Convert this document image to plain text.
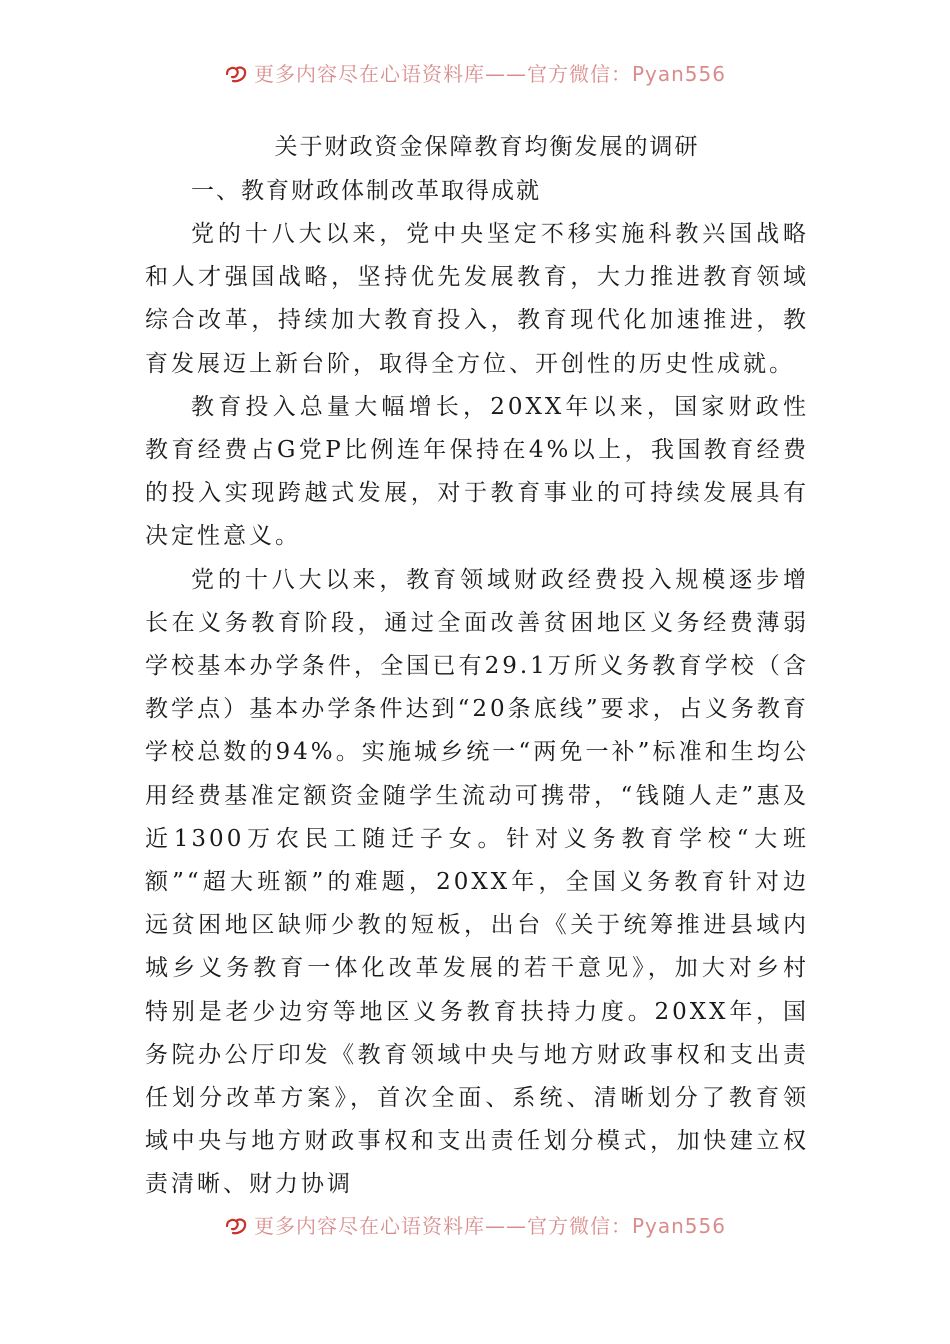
更多内容尽在心语资料库——官方微信：Pyan556
关于财政资金保障教育均衡发展的调研

一、教育财政体制改革取得成就

党的十八大以来，党中央坚定不移实施科教兴国战略和人才强国战略，坚持优先发展教育，大力推进教育领域综合改革，持续加大教育投入，教育现代化加速推进，教育发展迈上新台阶，取得全方位、开创性的历史性成就。

教育投入总量大幅增长，20XX年以来，国家财政性教育经费占G党P比例连年保持在4%以上，我国教育经费的投入实现跨越式发展，对于教育事业的可持续发展具有决定性意义。

党的十八大以来，教育领域财政经费投入规模逐步增长在义务教育阶段，通过全面改善贫困地区义务经费薄弱学校基本办学条件，全国已有29.1万所义务教育学校（含教学点）基本办学条件达到“20条底线”要求，占义务教育学校总数的94%。实施城乡统一“两免一补”标准和生均公用经费基准定额资金随学生流动可携带，“钱随人走”惠及近1300万农民工随迁子女。针对义务教育学校“大班额”“超大班额”的难题，20XX年，全国义务教育针对边远贫困地区缺师少教的短板，出台《关于统筹推进县域内城乡义务教育一体化改革发展的若干意见》，加大对乡村特别是老少边穷等地区义务教育扶持力度。20XX年，国务院办公厅印发《教育领域中央与地方财政事权和支出责任划分改革方案》，首次全面、系统、清晰划分了教育领域中央与地方财政事权和支出责任划分模式，加快建立权责清晰、财力协调

更多内容尽在心语资料库——官方微信：Pyan556
